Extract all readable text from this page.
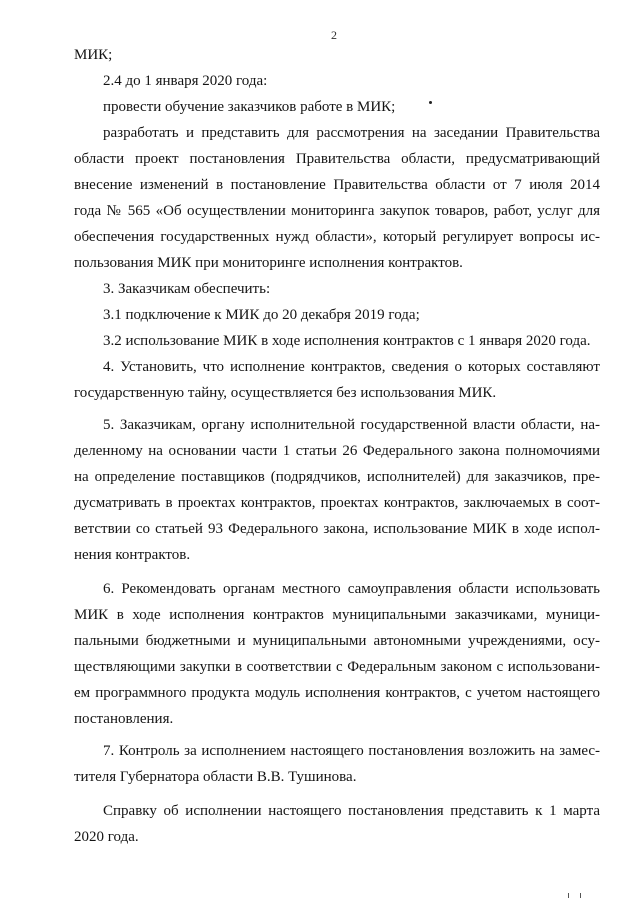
2
МИК;
2.4 до 1 января 2020 года:
провести обучение заказчиков работе в МИК;
разработать и представить для рассмотрения на заседании Правительства
области проект постановления Правительства области, предусматривающий
внесение изменений в постановление Правительства области от 7 июля 2014
года № 565 «Об осуществлении мониторинга закупок товаров, работ, услуг для
обеспечения государственных нужд области», который регулирует вопросы ис-
пользования МИК при мониторинге исполнения контрактов.
3. Заказчикам обеспечить:
3.1 подключение к МИК до 20 декабря 2019 года;
3.2 использование МИК в ходе исполнения контрактов с 1 января 2020 года.
4. Установить, что исполнение контрактов, сведения о которых составляют
государственную тайну, осуществляется без использования МИК.
5. Заказчикам, органу исполнительной государственной власти области, на-
деленному на основании части 1 статьи 26 Федерального закона полномочиями
на определение поставщиков (подрядчиков, исполнителей) для заказчиков, пре-
дусматривать в проектах контрактов, проектах контрактов, заключаемых в соот-
ветствии со статьей 93 Федерального закона, использование МИК в ходе испол-
нения контрактов.
6. Рекомендовать органам местного самоуправления области использовать
МИК в ходе исполнения контрактов муниципальными заказчиками, муници-
пальными бюджетными и муниципальными автономными учреждениями, осу-
ществляющими закупки в соответствии с Федеральным законом с использовани-
ем программного продукта модуль исполнения контрактов, с учетом настоящего
постановления.
7. Контроль за исполнением настоящего постановления возложить на замес-
тителя Губернатора области В.В. Тушинова.
Справку об исполнении настоящего постановления представить к 1 марта
2020 года.
